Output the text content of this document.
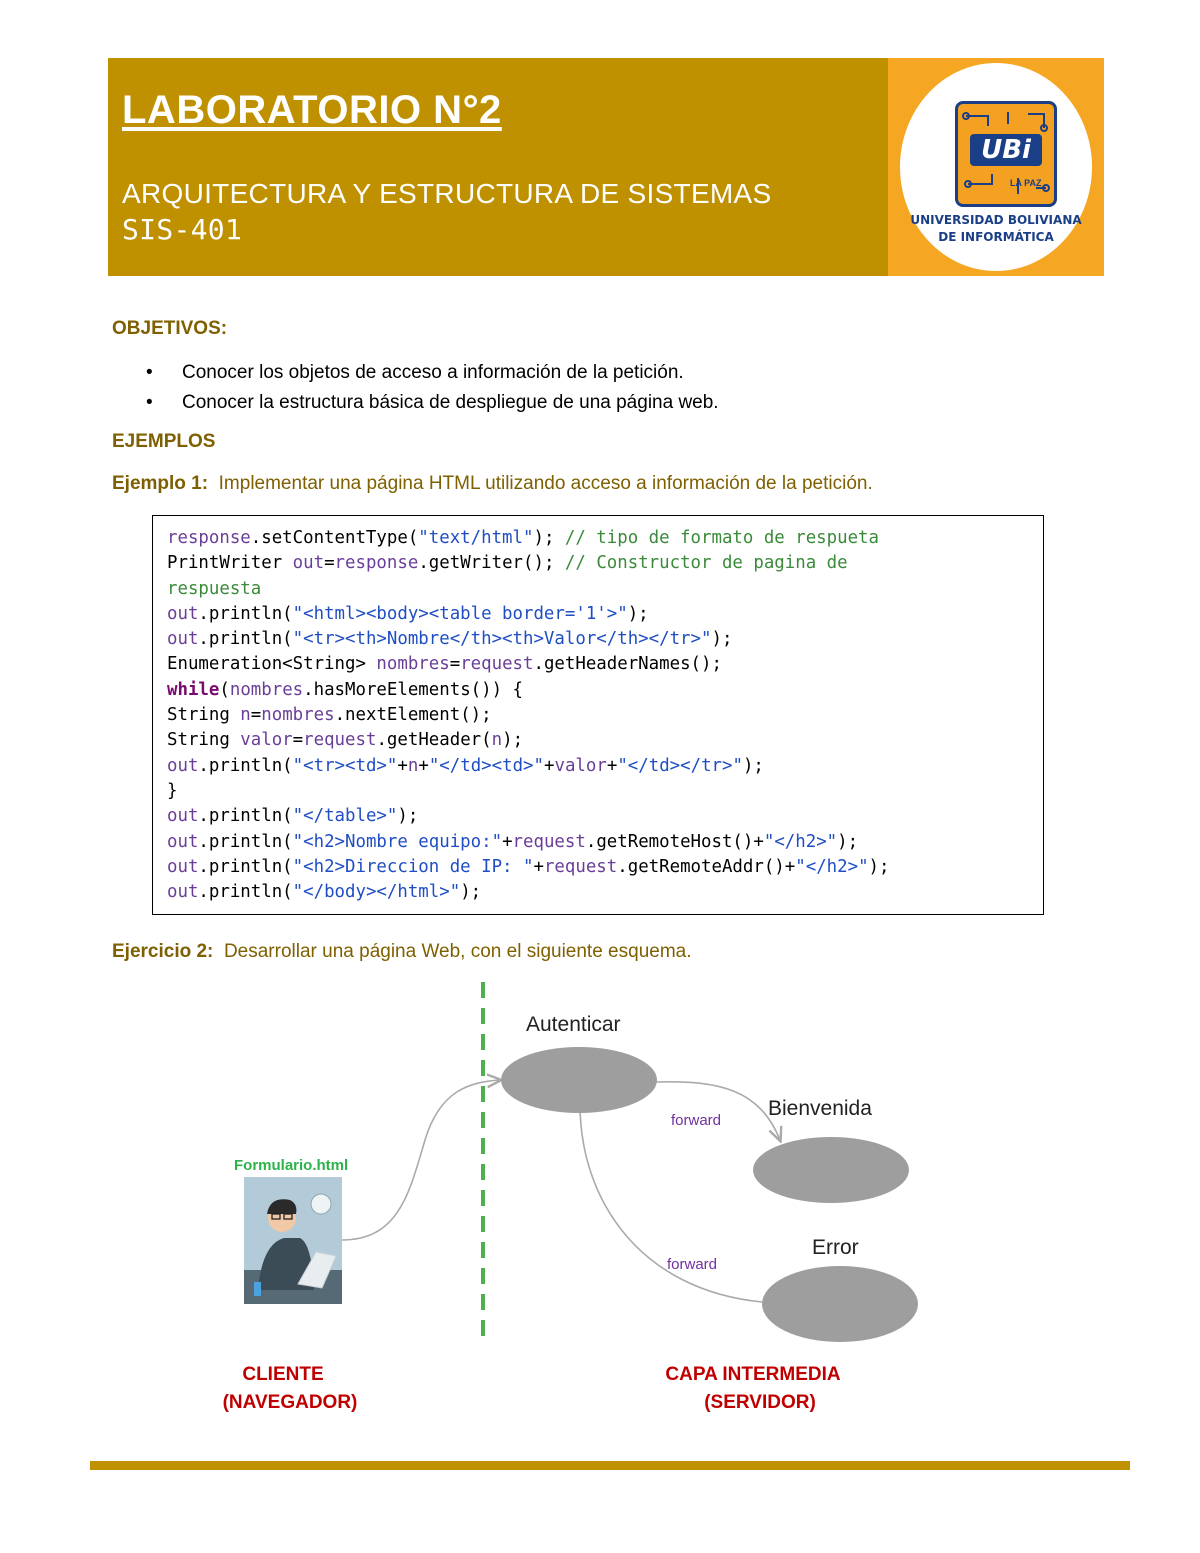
LABORATORIO N°2
ARQUITECTURA Y ESTRUCTURA DE SISTEMAS
SIS-401
UBi
LA PAZ
UNIVERSIDAD BOLIVIANA
DE INFORMÁTICA
OBJETIVOS:
• Conocer los objetos de acceso a información de la petición.
• Conocer la estructura básica de despliegue de una página web.
EJEMPLOS
Ejemplo 1: Implementar una página HTML utilizando acceso a información de la petición.
response.setContentType("text/html"); // tipo de formato de respueta
PrintWriter out=response.getWriter(); // Constructor de pagina de
respuesta
out.println("<html><body><table border='1'>");
out.println("<tr><th>Nombre</th><th>Valor</th></tr>");
Enumeration<String> nombres=request.getHeaderNames();
while(nombres.hasMoreElements()) {
String n=nombres.nextElement();
String valor=request.getHeader(n);
out.println("<tr><td>"+n+"</td><td>"+valor+"</td></tr>");
}
out.println("</table>");
out.println("<h2>Nombre equipo:"+request.getRemoteHost()+"</h2>");
out.println("<h2>Direccion de IP: "+request.getRemoteAddr()+"</h2>");
out.println("</body></html>");
Ejercicio 2: Desarrollar una página Web, con el siguiente esquema.
Autenticar
Bienvenida
Error
forward
forward
Formulario.html
CLIENTE
(NAVEGADOR)
CAPA INTERMEDIA
(SERVIDOR)
